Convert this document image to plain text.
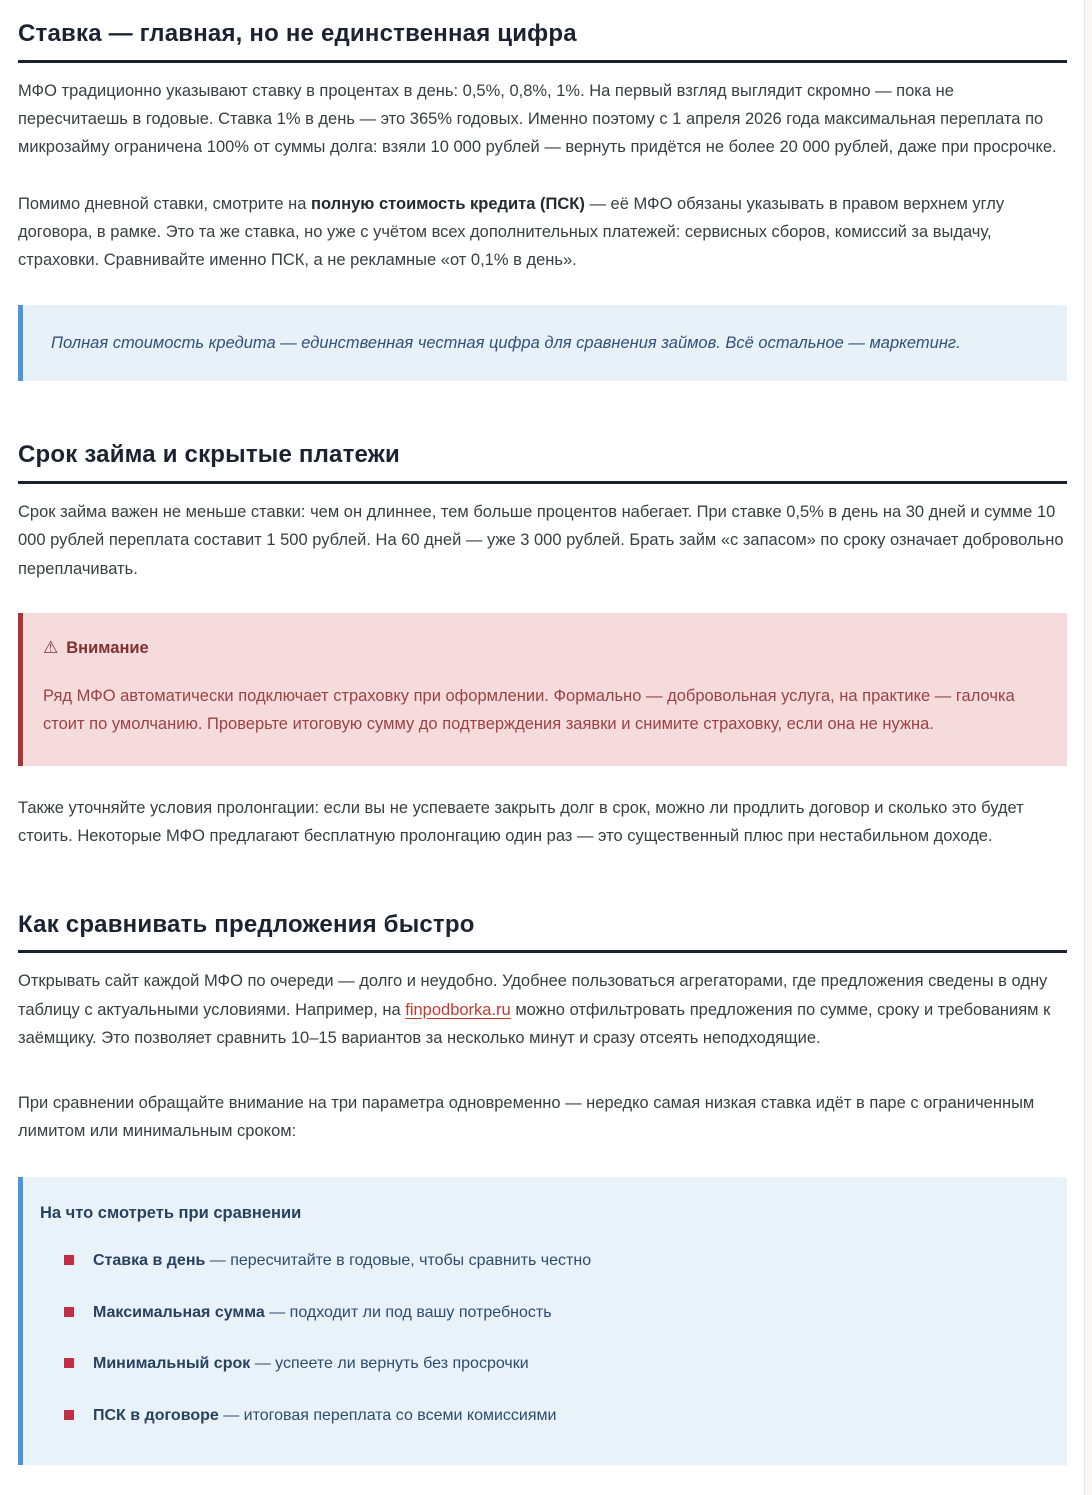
Ставка — главная, но не единственная цифра

МФО традиционно указывают ставку в процентах в день: 0,5%, 0,8%, 1%. На первый взгляд выглядит скромно — пока не пересчитаешь в годовые. Ставка 1% в день — это 365% годовых. Именно поэтому с 1 апреля 2026 года максимальная переплата по микрозайму ограничена 100% от суммы долга: взяли 10 000 рублей — вернуть придётся не более 20 000 рублей, даже при просрочке.

Помимо дневной ставки, смотрите на полную стоимость кредита (ПСК) — её МФО обязаны указывать в правом верхнем углу договора, в рамке. Это та же ставка, но уже с учётом всех дополнительных платежей: сервисных сборов, комиссий за выдачу, страховки. Сравнивайте именно ПСК, а не рекламные «от 0,1% в день».

Полная стоимость кредита — единственная честная цифра для сравнения займов. Всё остальное — маркетинг.

Срок займа и скрытые платежи

Срок займа важен не меньше ставки: чем он длиннее, тем больше процентов набегает. При ставке 0,5% в день на 30 дней и сумме 10 000 рублей переплата составит 1 500 рублей. На 60 дней — уже 3 000 рублей. Брать займ «с запасом» по сроку означает добровольно переплачивать.

⚠ Внимание

Ряд МФО автоматически подключает страховку при оформлении. Формально — добровольная услуга, на практике — галочка стоит по умолчанию. Проверьте итоговую сумму до подтверждения заявки и снимите страховку, если она не нужна.

Также уточняйте условия пролонгации: если вы не успеваете закрыть долг в срок, можно ли продлить договор и сколько это будет стоить. Некоторые МФО предлагают бесплатную пролонгацию один раз — это существенный плюс при нестабильном доходе.

Как сравнивать предложения быстро

Открывать сайт каждой МФО по очереди — долго и неудобно. Удобнее пользоваться агрегаторами, где предложения сведены в одну таблицу с актуальными условиями. Например, на finpodborka.ru можно отфильтровать предложения по сумме, сроку и требованиям к заёмщику. Это позволяет сравнить 10–15 вариантов за несколько минут и сразу отсеять неподходящие.

При сравнении обращайте внимание на три параметра одновременно — нередко самая низкая ставка идёт в паре с ограниченным лимитом или минимальным сроком:

На что смотреть при сравнении

Ставка в день — пересчитайте в годовые, чтобы сравнить честно
Максимальная сумма — подходит ли под вашу потребность
Минимальный срок — успеете ли вернуть без просрочки
ПСК в договоре — итоговая переплата со всеми комиссиями
